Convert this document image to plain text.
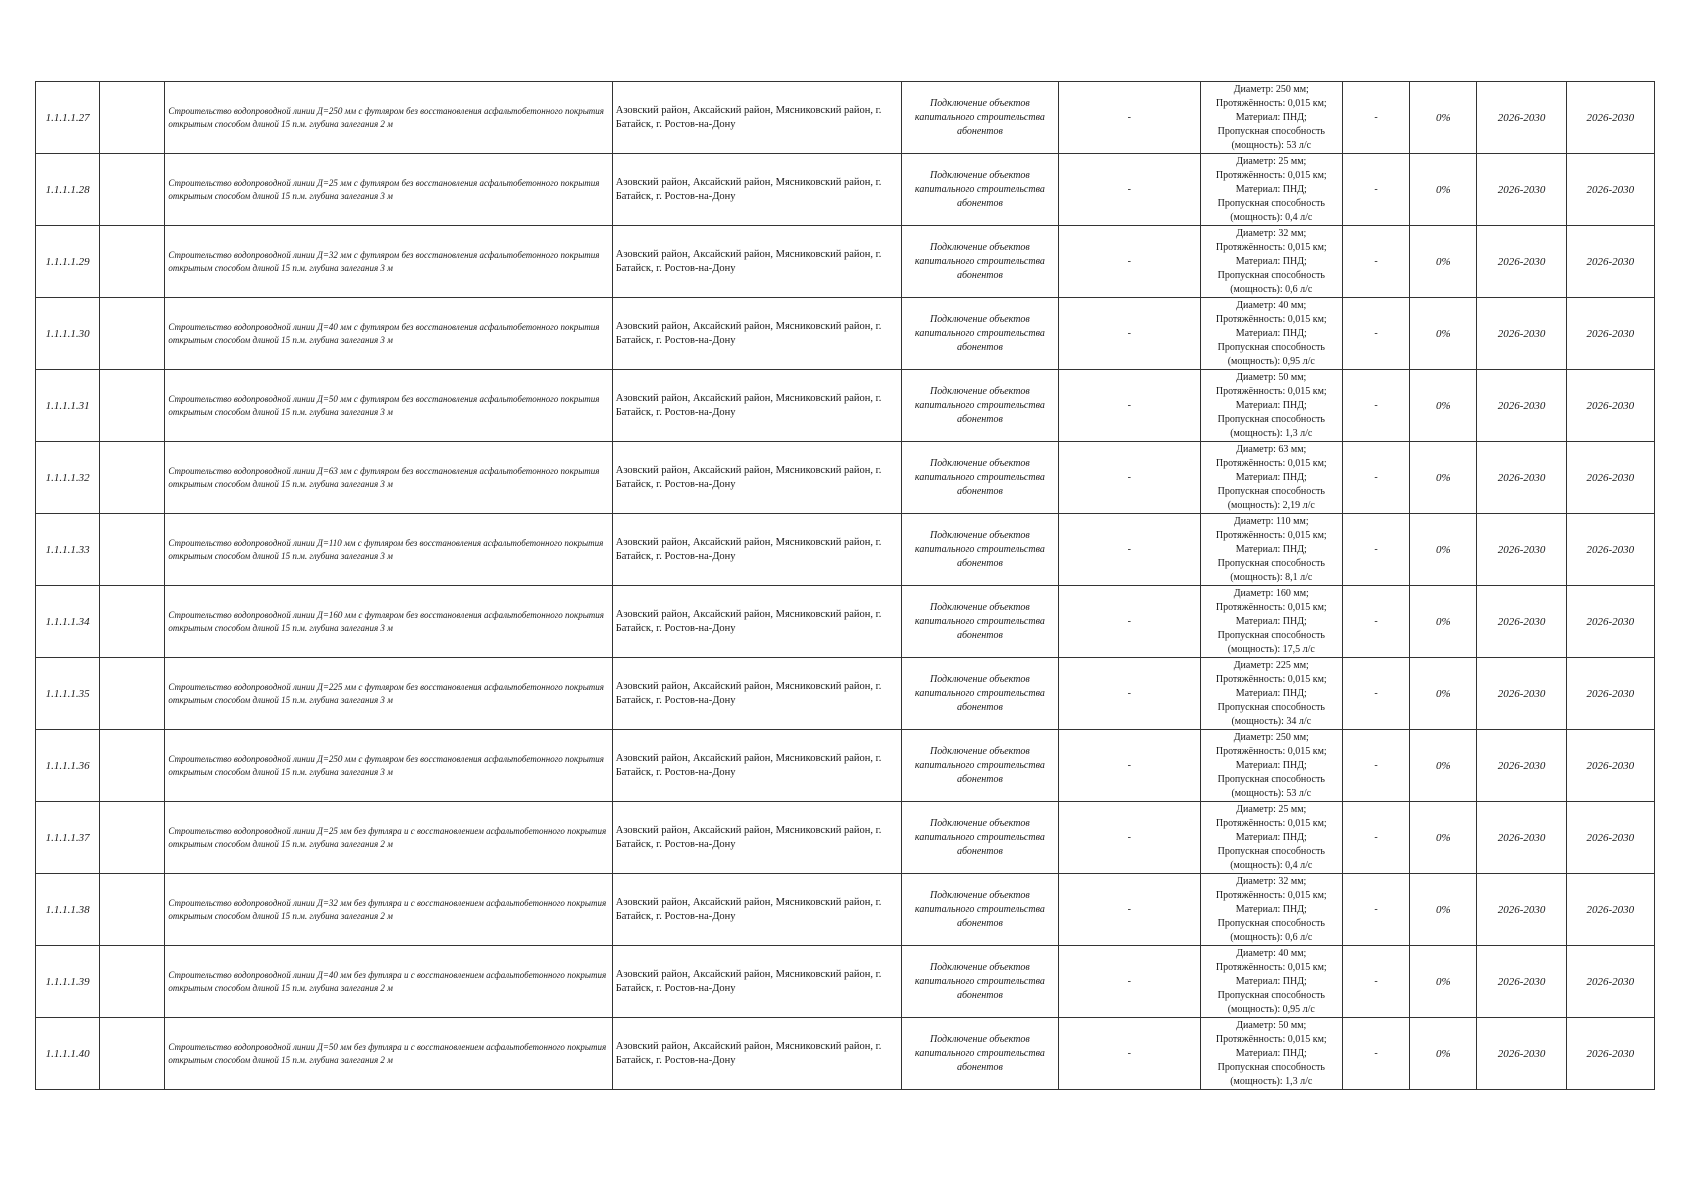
1.1.1.1.27		Строительство водопроводной линии Д=250 мм с футляром без восстановления асфальтобетонного покрытия открытым способом длиной 15 п.м. глубина залегания 2 м	Азовский район, Аксайский район, Мясниковский район, г. Батайск, г. Ростов-на-Дону	Подключение объектов капитального строительства абонентов	-	Диаметр: 250 мм;
Протяжённость: 0,015 км;
Материал: ПНД;
Пропускная способность
(мощность): 53 л/с	-	0%	2026-2030	2026-2030
1.1.1.1.28		Строительство водопроводной линии Д=25 мм с футляром без восстановления асфальтобетонного покрытия открытым способом длиной 15 п.м. глубина залегания 3 м	Азовский район, Аксайский район, Мясниковский район, г. Батайск, г. Ростов-на-Дону	Подключение объектов капитального строительства абонентов	-	Диаметр: 25 мм;
Протяжённость: 0,015 км;
Материал: ПНД;
Пропускная способность
(мощность): 0,4 л/с	-	0%	2026-2030	2026-2030
1.1.1.1.29		Строительство водопроводной линии Д=32 мм с футляром без восстановления асфальтобетонного покрытия открытым способом длиной 15 п.м. глубина залегания 3 м	Азовский район, Аксайский район, Мясниковский район, г. Батайск, г. Ростов-на-Дону	Подключение объектов капитального строительства абонентов	-	Диаметр: 32 мм;
Протяжённость: 0,015 км;
Материал: ПНД;
Пропускная способность
(мощность): 0,6 л/с	-	0%	2026-2030	2026-2030
1.1.1.1.30		Строительство водопроводной линии Д=40 мм с футляром без восстановления асфальтобетонного покрытия открытым способом длиной 15 п.м. глубина залегания 3 м	Азовский район, Аксайский район, Мясниковский район, г. Батайск, г. Ростов-на-Дону	Подключение объектов капитального строительства абонентов	-	Диаметр: 40 мм;
Протяжённость: 0,015 км;
Материал: ПНД;
Пропускная способность
(мощность): 0,95 л/с	-	0%	2026-2030	2026-2030
1.1.1.1.31		Строительство водопроводной линии Д=50 мм с футляром без восстановления асфальтобетонного покрытия открытым способом длиной 15 п.м. глубина залегания 3 м	Азовский район, Аксайский район, Мясниковский район, г. Батайск, г. Ростов-на-Дону	Подключение объектов капитального строительства абонентов	-	Диаметр: 50 мм;
Протяжённость: 0,015 км;
Материал: ПНД;
Пропускная способность
(мощность): 1,3 л/с	-	0%	2026-2030	2026-2030
1.1.1.1.32		Строительство водопроводной линии Д=63 мм с футляром без восстановления асфальтобетонного покрытия открытым способом длиной 15 п.м. глубина залегания 3 м	Азовский район, Аксайский район, Мясниковский район, г. Батайск, г. Ростов-на-Дону	Подключение объектов капитального строительства абонентов	-	Диаметр: 63 мм;
Протяжённость: 0,015 км;
Материал: ПНД;
Пропускная способность
(мощность): 2,19 л/с	-	0%	2026-2030	2026-2030
1.1.1.1.33		Строительство водопроводной линии Д=110 мм с футляром без восстановления асфальтобетонного покрытия открытым способом длиной 15 п.м. глубина залегания 3 м	Азовский район, Аксайский район, Мясниковский район, г. Батайск, г. Ростов-на-Дону	Подключение объектов капитального строительства абонентов	-	Диаметр: 110 мм;
Протяжённость: 0,015 км;
Материал: ПНД;
Пропускная способность
(мощность): 8,1 л/с	-	0%	2026-2030	2026-2030
1.1.1.1.34		Строительство водопроводной линии Д=160 мм с футляром без восстановления асфальтобетонного покрытия открытым способом длиной 15 п.м. глубина залегания 3 м	Азовский район, Аксайский район, Мясниковский район, г. Батайск, г. Ростов-на-Дону	Подключение объектов капитального строительства абонентов	-	Диаметр: 160 мм;
Протяжённость: 0,015 км;
Материал: ПНД;
Пропускная способность
(мощность): 17,5 л/с	-	0%	2026-2030	2026-2030
1.1.1.1.35		Строительство водопроводной линии Д=225 мм с футляром без восстановления асфальтобетонного покрытия открытым способом длиной 15 п.м. глубина залегания 3 м	Азовский район, Аксайский район, Мясниковский район, г. Батайск, г. Ростов-на-Дону	Подключение объектов капитального строительства абонентов	-	Диаметр: 225 мм;
Протяжённость: 0,015 км;
Материал: ПНД;
Пропускная способность
(мощность): 34 л/с	-	0%	2026-2030	2026-2030
1.1.1.1.36		Строительство водопроводной линии Д=250 мм с футляром без восстановления асфальтобетонного покрытия открытым способом длиной 15 п.м. глубина залегания 3 м	Азовский район, Аксайский район, Мясниковский район, г. Батайск, г. Ростов-на-Дону	Подключение объектов капитального строительства абонентов	-	Диаметр: 250 мм;
Протяжённость: 0,015 км;
Материал: ПНД;
Пропускная способность
(мощность): 53 л/с	-	0%	2026-2030	2026-2030
1.1.1.1.37		Строительство водопроводной линии Д=25 мм без футляра и с восстановлением асфальтобетонного покрытия открытым способом длиной 15 п.м. глубина залегания 2 м	Азовский район, Аксайский район, Мясниковский район, г. Батайск, г. Ростов-на-Дону	Подключение объектов капитального строительства абонентов	-	Диаметр: 25 мм;
Протяжённость: 0,015 км;
Материал: ПНД;
Пропускная способность
(мощность): 0,4 л/с	-	0%	2026-2030	2026-2030
1.1.1.1.38		Строительство водопроводной линии Д=32 мм без футляра и с восстановлением асфальтобетонного покрытия открытым способом длиной 15 п.м. глубина залегания 2 м	Азовский район, Аксайский район, Мясниковский район, г. Батайск, г. Ростов-на-Дону	Подключение объектов капитального строительства абонентов	-	Диаметр: 32 мм;
Протяжённость: 0,015 км;
Материал: ПНД;
Пропускная способность
(мощность): 0,6 л/с	-	0%	2026-2030	2026-2030
1.1.1.1.39		Строительство водопроводной линии Д=40 мм без футляра и с восстановлением асфальтобетонного покрытия открытым способом длиной 15 п.м. глубина залегания 2 м	Азовский район, Аксайский район, Мясниковский район, г. Батайск, г. Ростов-на-Дону	Подключение объектов капитального строительства абонентов	-	Диаметр: 40 мм;
Протяжённость: 0,015 км;
Материал: ПНД;
Пропускная способность
(мощность): 0,95 л/с	-	0%	2026-2030	2026-2030
1.1.1.1.40		Строительство водопроводной линии Д=50 мм без футляра и с восстановлением асфальтобетонного покрытия открытым способом длиной 15 п.м. глубина залегания 2 м	Азовский район, Аксайский район, Мясниковский район, г. Батайск, г. Ростов-на-Дону	Подключение объектов капитального строительства абонентов	-	Диаметр: 50 мм;
Протяжённость: 0,015 км;
Материал: ПНД;
Пропускная способность
(мощность): 1,3 л/с	-	0%	2026-2030	2026-2030
